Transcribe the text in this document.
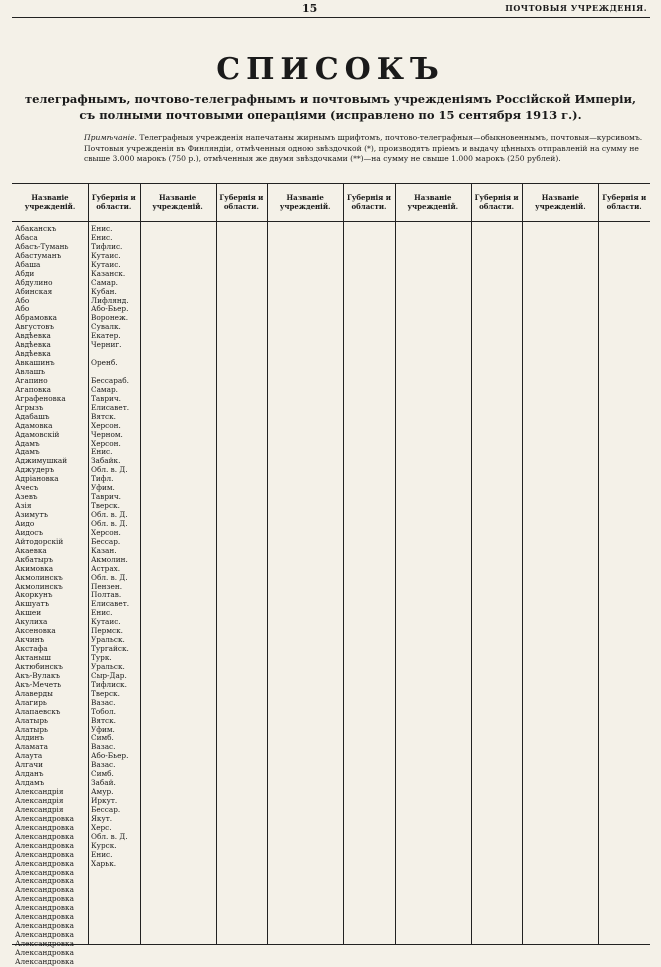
15	ПОЧТОВЫЯ УЧРЕЖДЕНІЯ.
СПИСОКЪ
телеграфнымъ, почтово-телеграфнымъ и почтовымъ учрежденіямъ Россійской Имперіи,
съ полными почтовыми операціями (исправлено по 15 сентября 1913 г.).
Примѣчаніе. Телеграфныя учрежденія напечатаны жирнымъ шрифтомъ, почтово-телеграфныя—обыкновеннымъ, почтовыя—курсивомъ. Почтовыя учрежденія въ Финляндіи, отмѣченныя одною звѣздочкой (*), производятъ пріемъ и выдачу цѣнныхъ отправленій на сумму не свыше 3.000 марокъ (750 р.), отмѣченныя же двумя звѣздочками (**)—на сумму не свыше 1.000 марокъ (250 рублей).
Названіе учрежденій.
Губернія и области.
Абаканскъ
Абаса
Абасъ-Тумань
Абастуманъ
Абаша
Абди
Абдулино
Абинская
Або
Або
Абрамовка
Августовъ
Авдѣевка
Авдѣевка
Авдѣевка
Авкашинъ
Авлашъ
Агапино
Агаповка
Аграфеновка
Агрызъ
Адабашъ
Адамовка
Адамовскій
Адамъ
Адамъ
Аджимушкай
Аджудеръ
Адріановка
Ачесъ
Азевъ
Азія
Азимутъ
Аидо
Аидосъ
Айтодорскій
Акаевка
Акбатыръ
Акимовка
Акмолинскъ
Акмолинскъ
Акоркунъ
Акшуатъ
Акшеи
Акулиха
Аксеновка
Акчинъ
Акстафа
Актаныш
Актюбинскъ
Акъ-Вулакъ
Акъ-Мечеть
Алаверды
Алагирь
Алапаевскъ
Алатырь
Алатырь
Алдинъ
Аламата
Алаута
Алгачи
Алданъ
Алдамъ
Александрія
Александрія
Александрія
Александровка
Александровка
Александровка
Александровка
Александровка
Александровка
Александровка
Александровка
Александровка
Александровка
Александровка
Александровка
Александровка
Александровка
Александровка
Александровка
Александровка
Енис.
Енис.
Тифлис.
Кутаис.
Кутаис.
Казанск.
Самар.
Кубан.
Лифлянд.
Або-Бьер.
Воронеж.
Сувалк.
Екатер.
Черниг.
Оренб.
Бессараб.
Самар.
Таврич.
Елисавет.
Вятск.
Херсон.
Черном.
Херсон.
Енис.
Забайк.
Обл. в. Д.
Тифл.
Уфим.
Таврич.
Тверск.
Обл. в. Д.
Обл. в. Д.
Херсон.
Бессар.
Казан.
Акмолин.
Астрах.
Обл. в. Д.
Пензен.
Полтав.
Елисавет.
Енис.
Кутаис.
Пермск.
Уральск.
Тургайск.
Турк.
Уральск.
Сыр-Дар.
Тифлиск.
Тверск.
Вазас.
Тобол.
Вятск.
Уфим.
Симб.
Вазас.
Або-Бьер.
Вазас.
Симб.
Забай.
Амур.
Иркут.
Бессар.
Якут.
Херс.
Обл. в. Д.
Курск.
Енис.
Харьк.
Названіе учрежденій.
Губернія и области.
Названіе учрежденій.
Губернія и области.
Названіе учрежденій.
Губернія и области.
Названіе учрежденій.
Губернія и области.
